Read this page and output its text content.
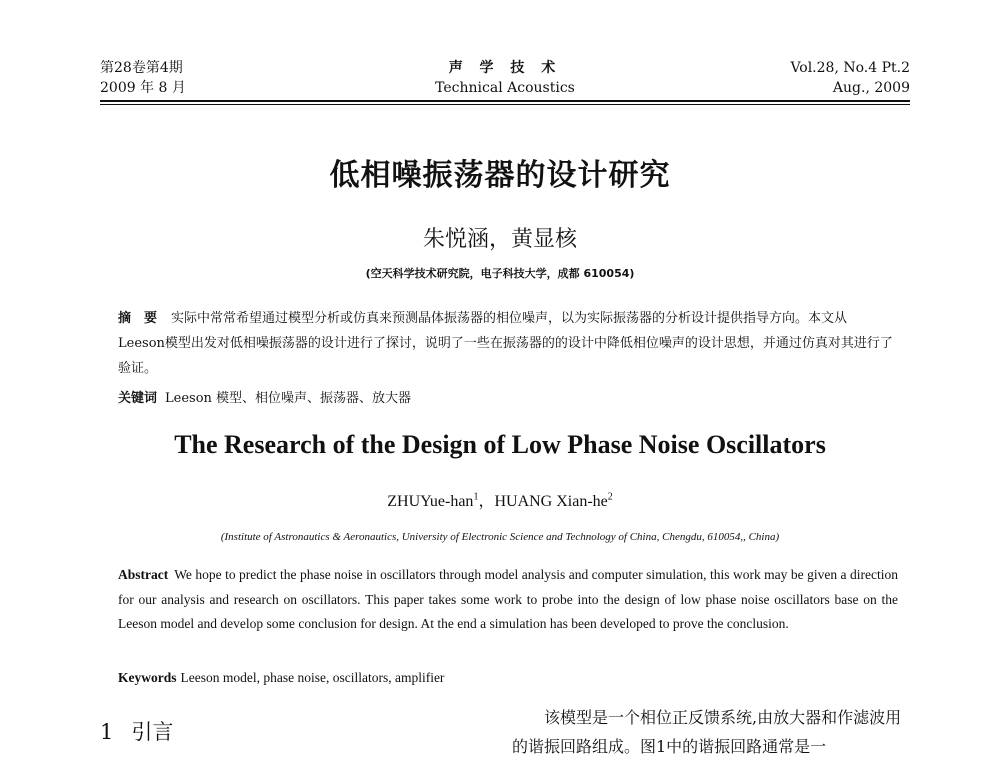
第28卷第4期
2009 年 8 月
声 学 技 术
Technical Acoustics
Vol.28, No.4 Pt.2
Aug., 2009
低相噪振荡器的设计研究
朱悦涵，黄显核
(空天科学技术研究院，电子科技大学，成都 610054)

摘　要 实际中常常希望通过模型分析或仿真来预测晶体振荡器的相位噪声，以为实际振荡器的分析设计提供指导方向。本文从Leeson模型出发对低相噪振荡器的设计进行了探讨，说明了一些在振荡器的的设计中降低相位噪声的设计思想，并通过仿真对其进行了验证。

关键词 Leeson 模型、相位噪声、振荡器、放大器
The Research of the Design of Low Phase Noise Oscillators
ZHUYue-han$^1$，HUANG Xian-$he^2$
(Institute of Astronautics & Aeronautics, University of Electronic Science and Technology of China, Chengdu, 610054,, China)

Abstract We hope to predict the phase noise in oscillators through model analysis and computer simulation, this work may be given a direction for our analysis and research on oscillators. This paper takes some work to probe into the design of low phase noise oscillators base on the Leeson model and develop some conclusion for design. At the end a simulation has been developed to prove the conclusion.

Keywords Leeson model, phase noise, oscillators, amplifier
1 引言

该模型是一个相位正反馈系统,由放大器和作滤波用的谐振回路组成。图1中的谐振回路通常是一
